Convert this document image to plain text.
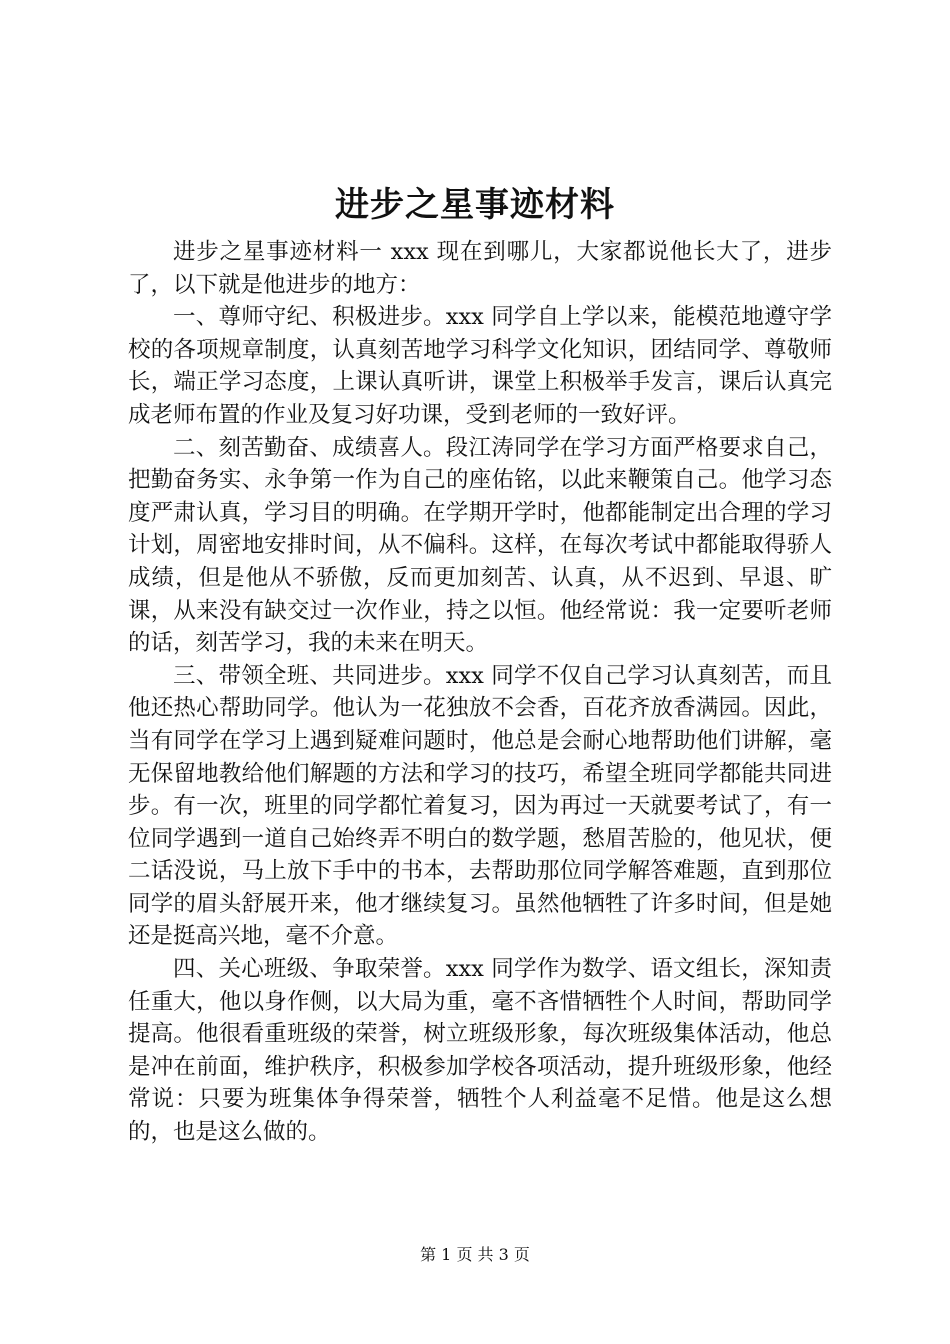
进步之星事迹材料

进步之星事迹材料一 xxx 现在到哪儿，大家都说他长大了，进步了，以下就是他进步的地方：

一、尊师守纪、积极进步。xxx 同学自上学以来，能模范地遵守学校的各项规章制度，认真刻苦地学习科学文化知识，团结同学、尊敬师长，端正学习态度，上课认真听讲，课堂上积极举手发言，课后认真完成老师布置的作业及复习好功课，受到老师的一致好评。

二、刻苦勤奋、成绩喜人。段江涛同学在学习方面严格要求自己，把勤奋务实、永争第一作为自己的座佑铭，以此来鞭策自己。他学习态度严肃认真，学习目的明确。在学期开学时，他都能制定出合理的学习计划，周密地安排时间，从不偏科。这样，在每次考试中都能取得骄人成绩，但是他从不骄傲，反而更加刻苦、认真，从不迟到、早退、旷课，从来没有缺交过一次作业，持之以恒。他经常说：我一定要听老师的话，刻苦学习，我的未来在明天。

三、带领全班、共同进步。xxx 同学不仅自己学习认真刻苦，而且他还热心帮助同学。他认为一花独放不会香，百花齐放香满园。因此，当有同学在学习上遇到疑难问题时，他总是会耐心地帮助他们讲解，毫无保留地教给他们解题的方法和学习的技巧，希望全班同学都能共同进步。有一次，班里的同学都忙着复习，因为再过一天就要考试了，有一位同学遇到一道自己始终弄不明白的数学题，愁眉苦脸的，他见状，便二话没说，马上放下手中的书本，去帮助那位同学解答难题，直到那位同学的眉头舒展开来，他才继续复习。虽然他牺牲了许多时间，但是她还是挺高兴地，毫不介意。

四、关心班级、争取荣誉。xxx 同学作为数学、语文组长，深知责任重大，他以身作侧，以大局为重，毫不吝惜牺牲个人时间，帮助同学提高。他很看重班级的荣誉，树立班级形象，每次班级集体活动，他总是冲在前面，维护秩序，积极参加学校各项活动，提升班级形象，他经常说：只要为班集体争得荣誉，牺牲个人利益毫不足惜。他是这么想的，也是这么做的。

第 1 页 共 3 页
